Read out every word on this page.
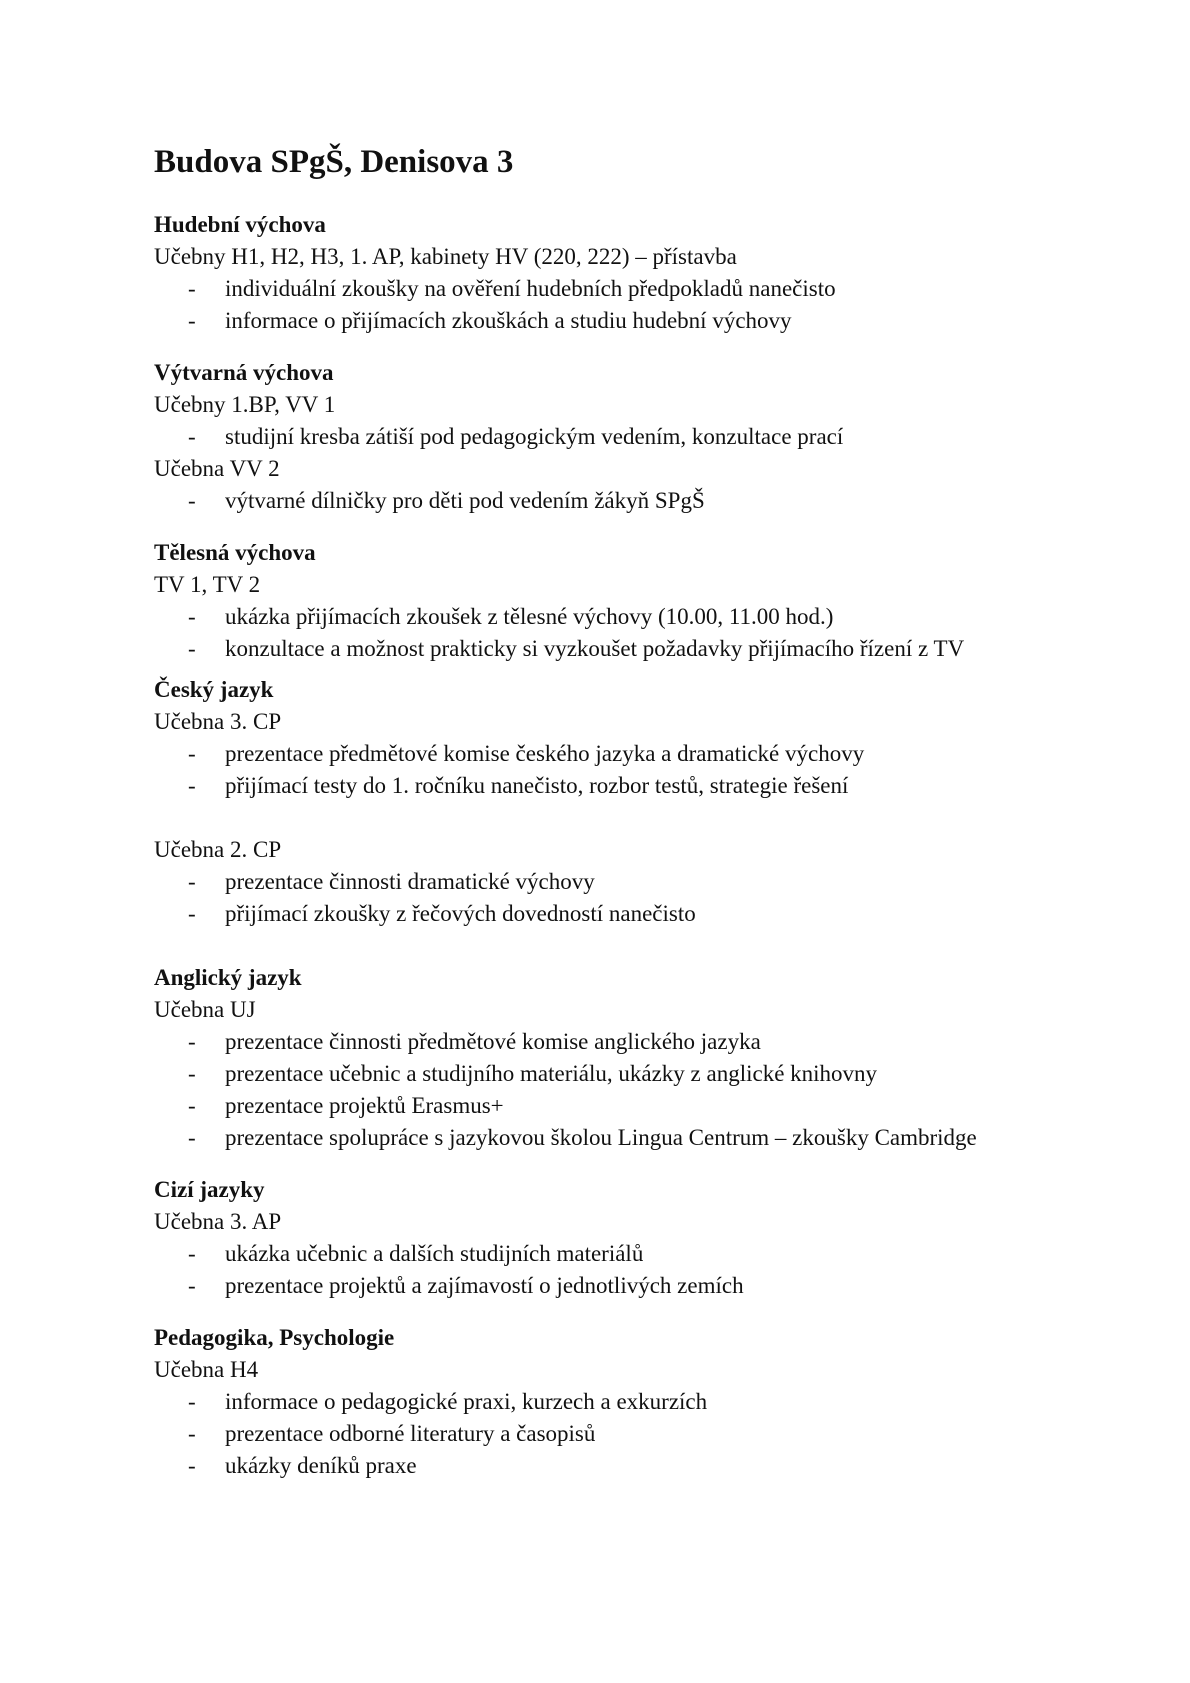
Budova SPgŠ, Denisova 3
Hudební výchova
Učebny H1, H2, H3, 1. AP, kabinety HV (220, 222) – přístavba
- individuální zkoušky na ověření hudebních předpokladů nanečisto
- informace o přijímacích zkouškách a studiu hudební výchovy
Výtvarná výchova
Učebny 1.BP, VV 1
- studijní kresba zátiší pod pedagogickým vedením, konzultace prací
Učebna VV 2
- výtvarné dílničky pro děti pod vedením žákyň SPgŠ
Tělesná výchova
TV 1, TV 2
- ukázka přijímacích zkoušek z tělesné výchovy (10.00, 11.00 hod.)
- konzultace a možnost prakticky si vyzkoušet požadavky přijímacího řízení z TV
Český jazyk
Učebna 3. CP
- prezentace předmětové komise českého jazyka a dramatické výchovy
- přijímací testy do 1. ročníku nanečisto, rozbor testů, strategie řešení
Učebna 2. CP
- prezentace činnosti dramatické výchovy
- přijímací zkoušky z řečových dovedností nanečisto
Anglický jazyk
Učebna UJ
- prezentace činnosti předmětové komise anglického jazyka
- prezentace učebnic a studijního materiálu, ukázky z anglické knihovny
- prezentace projektů Erasmus+
- prezentace spolupráce s jazykovou školou Lingua Centrum – zkoušky Cambridge
Cizí jazyky
Učebna 3. AP
- ukázka učebnic a dalších studijních materiálů
- prezentace projektů a zajímavostí o jednotlivých zemích
Pedagogika, Psychologie
Učebna H4
- informace o pedagogické praxi, kurzech a exkurzích
- prezentace odborné literatury a časopisů
- ukázky deníků praxe
